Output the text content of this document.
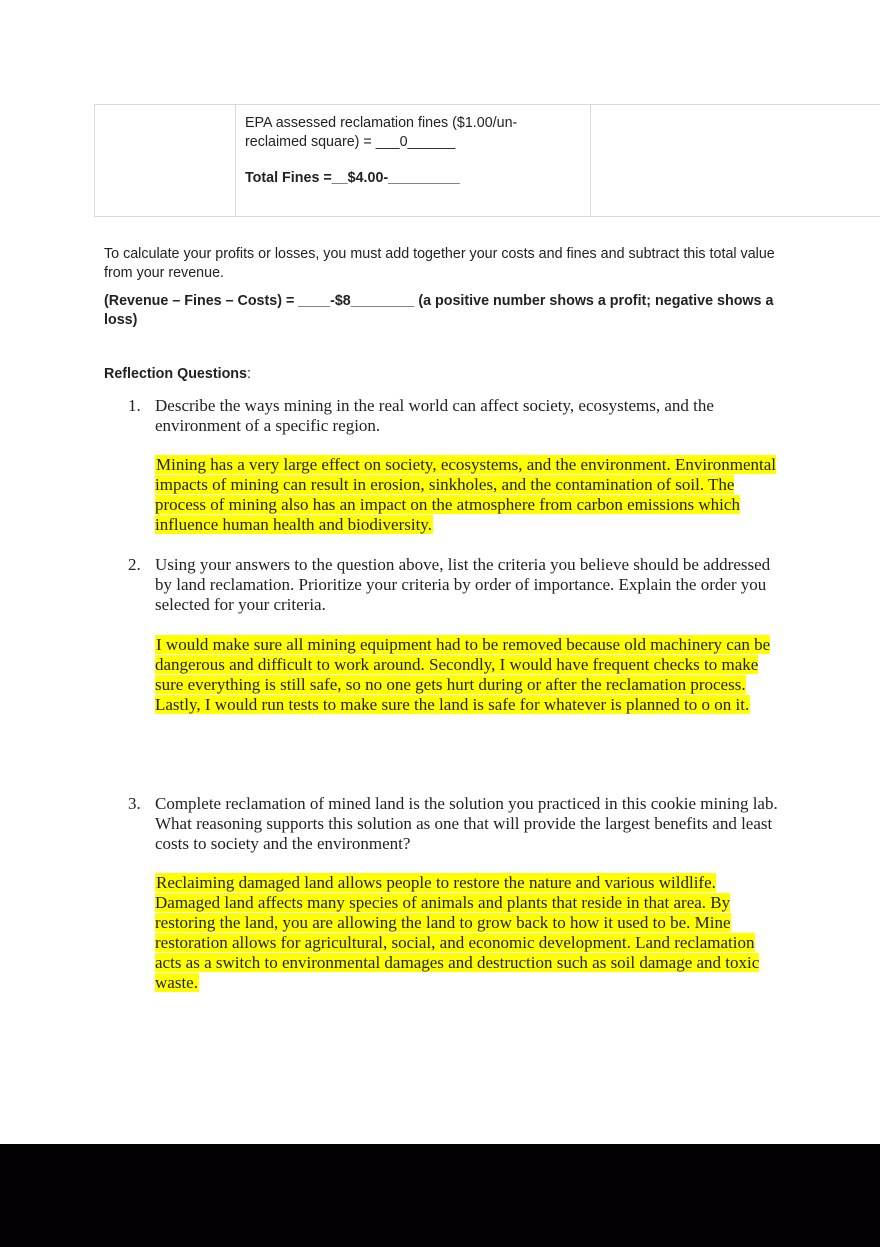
EPA assessed reclamation fines ($1.00/un-reclaimed square) = ___0______
Total Fines =__$4.00-_________
To calculate your profits or losses, you must add together your costs and fines and subtract this total value from your revenue.
(Revenue – Fines – Costs) = ____-$8________ (a positive number shows a profit; negative shows a loss)
Reflection Questions:
1. Describe the ways mining in the real world can affect society, ecosystems, and the environment of a specific region.
Mining has a very large effect on society, ecosystems, and the environment. Environmental impacts of mining can result in erosion, sinkholes, and the contamination of soil. The process of mining also has an impact on the atmosphere from carbon emissions which influence human health and biodiversity.
2. Using your answers to the question above, list the criteria you believe should be addressed by land reclamation. Prioritize your criteria by order of importance. Explain the order you selected for your criteria.
I would make sure all mining equipment had to be removed because old machinery can be dangerous and difficult to work around. Secondly, I would have frequent checks to make sure everything is still safe, so no one gets hurt during or after the reclamation process. Lastly, I would run tests to make sure the land is safe for whatever is planned to o on it.
3. Complete reclamation of mined land is the solution you practiced in this cookie mining lab. What reasoning supports this solution as one that will provide the largest benefits and least costs to society and the environment?
Reclaiming damaged land allows people to restore the nature and various wildlife. Damaged land affects many species of animals and plants that reside in that area. By restoring the land, you are allowing the land to grow back to how it used to be. Mine restoration allows for agricultural, social, and economic development. Land reclamation acts as a switch to environmental damages and destruction such as soil damage and toxic waste.
